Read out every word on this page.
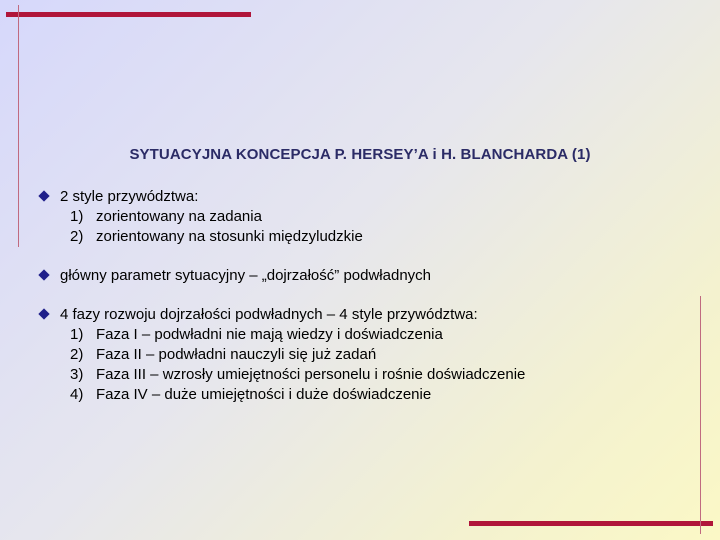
SYTUACYJNA KONCEPCJA P. HERSEY’A i H. BLANCHARDA (1)
2 style przywództwa:
1) zorientowany na zadania
2) zorientowany na stosunki międzyludzkie
główny parametr sytuacyjny – „dojrzałość” podwładnych
4 fazy rozwoju dojrzałości podwładnych – 4 style przywództwa:
1) Faza I – podwładni nie mają wiedzy i doświadczenia
2) Faza II – podwładni nauczyli się już zadań
3) Faza III – wzrosły umiejętności personelu i rośnie doświadczenie
4) Faza IV – duże umiejętności i duże doświadczenie
